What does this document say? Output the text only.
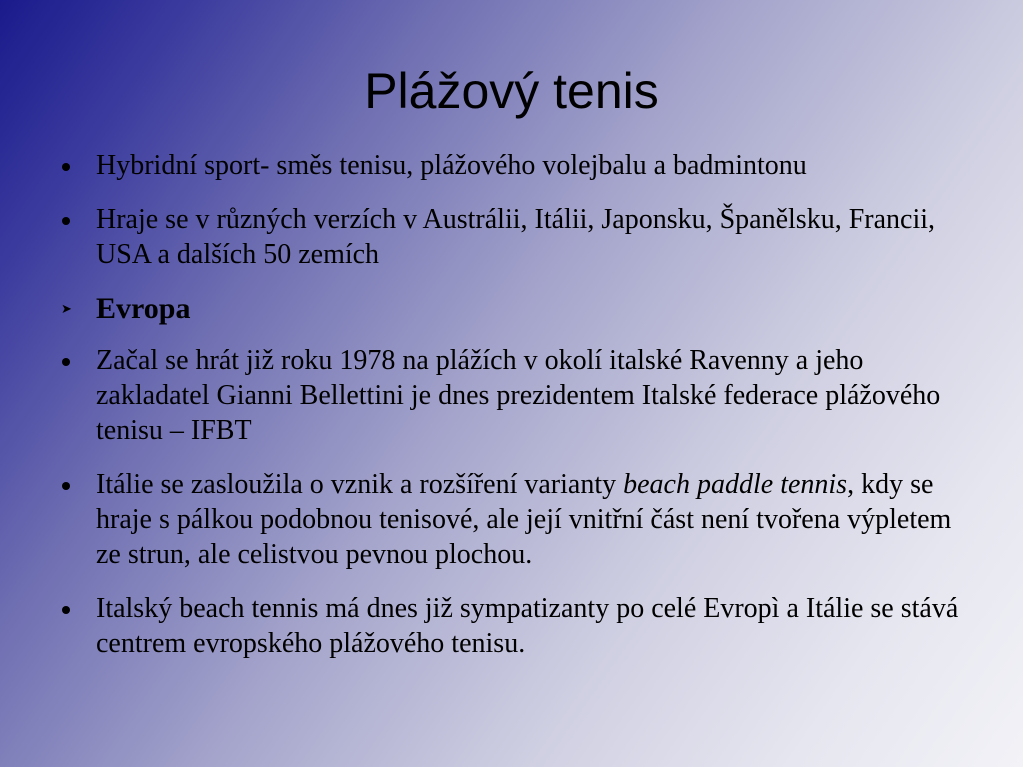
Plážový tenis
Hybridní sport- směs tenisu, plážového volejbalu a badmintonu
Hraje se v různých verzích v Austrálii, Itálii, Japonsku, Španělsku, Francii, USA a dalších 50 zemích
➤ Evropa
Začal se hrát již roku 1978 na plážích v okolí italské Ravenny a jeho zakladatel Gianni Bellettini je dnes prezidentem Italské federace plážového tenisu – IFBT
Itálie se zasloužila o vznik a rozšíření varianty beach paddle tennis, kdy se hraje s pálkou podobnou tenisové, ale její vnitřní část není tvořena výpletem ze strun, ale celistvou pevnou plochou.
Italský beach tennis má dnes již sympatizanty po celé Evropì a Itálie se stává centrem evropského plážového tenisu.
